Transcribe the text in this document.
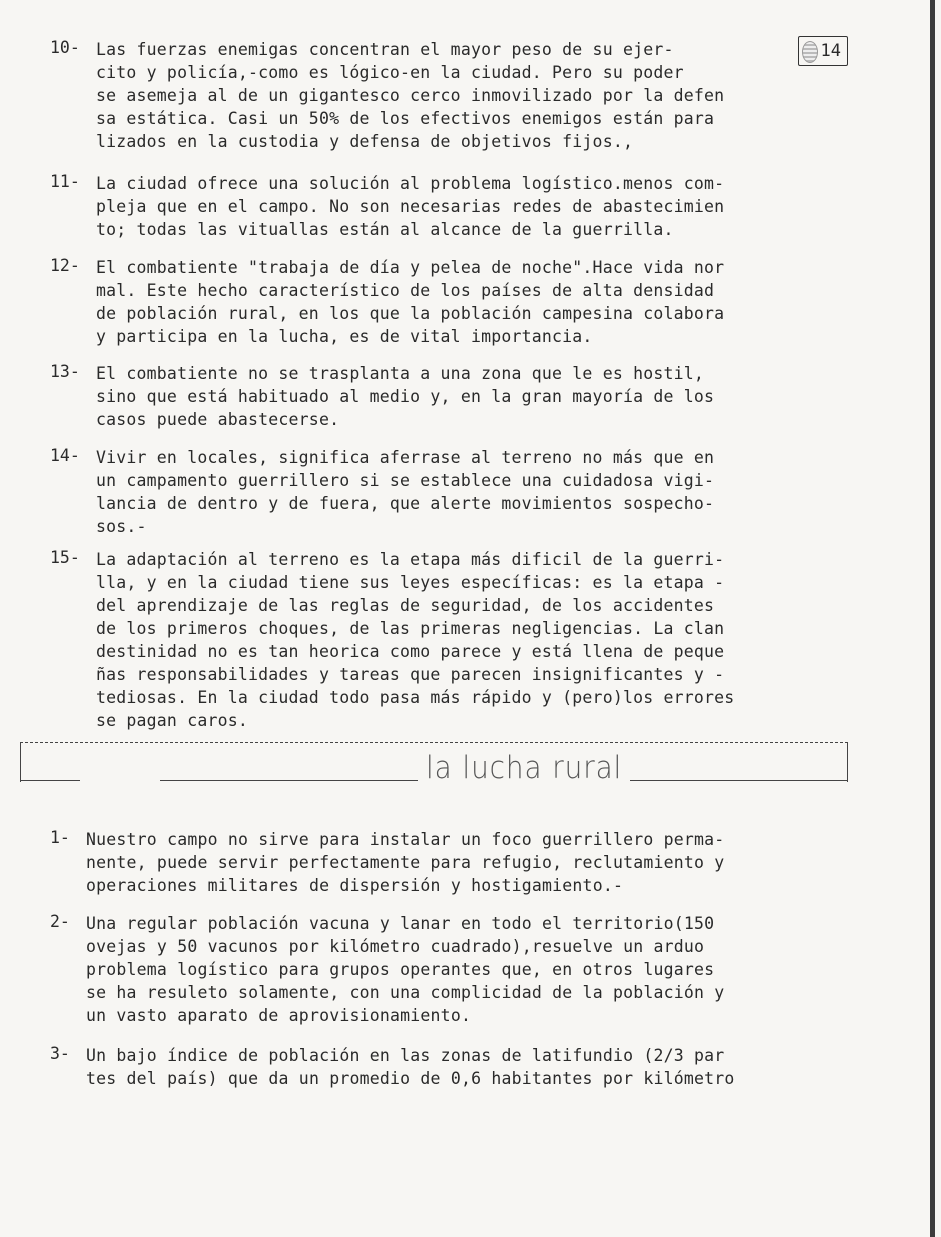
14
10- Las fuerzas enemigas concentran el mayor peso de su ejer-
cito y policía,-como es lógico-en la ciudad. Pero su poder
se asemeja al de un gigantesco cerco inmovilizado por la defen
sa estática. Casi un 50% de los efectivos enemigos están para
lizados en la custodia y defensa de objetivos fijos.,
11- La ciudad ofrece una solución al problema logístico.menos com-
pleja que en el campo. No son necesarias redes de abastecimien
to; todas las vituallas están al alcance de la guerrilla.
12- El combatiente "trabaja de día y pelea de noche".Hace vida nor
mal. Este hecho característico de los países de alta densidad
de población rural, en los que la población campesina colabora
y participa en la lucha, es de vital importancia.
13- El combatiente no se trasplanta a una zona que le es hostil,
sino que está habituado al medio y, en la gran mayoría de los
casos puede abastecerse.
14- Vivir en locales, significa aferrase al terreno no más que en
un campamento guerrillero si se establece una cuidadosa vigi-
lancia de dentro y de fuera, que alerte movimientos sospecho-
sos.-
15- La adaptación al terreno es la etapa más dificil de la guerri-
lla, y en la ciudad tiene sus leyes específicas: es la etapa -
del aprendizaje de las reglas de seguridad, de los accidentes
de los primeros choques, de las primeras negligencias. La clan
destinidad no es tan heorica como parece y está llena de peque
ñas responsabilidades y tareas que parecen insignificantes y -
tediosas. En la ciudad todo pasa más rápido y (pero)los errores
se pagan caros.
la lucha rural
1- Nuestro campo no sirve para instalar un foco guerrillero perma-
nente, puede servir perfectamente para refugio, reclutamiento y
operaciones militares de dispersión y hostigamiento.-
2- Una regular población vacuna y lanar en todo el territorio(150
ovejas y 50 vacunos por kilómetro cuadrado),resuelve un arduo
problema logístico para grupos operantes que, en otros lugares
se ha resuleto solamente, con una complicidad de la población y
un vasto aparato de aprovisionamiento.
3- Un bajo índice de población en las zonas de latifundio (2/3 par
tes del país) que da un promedio de 0,6 habitantes por kilómetro
